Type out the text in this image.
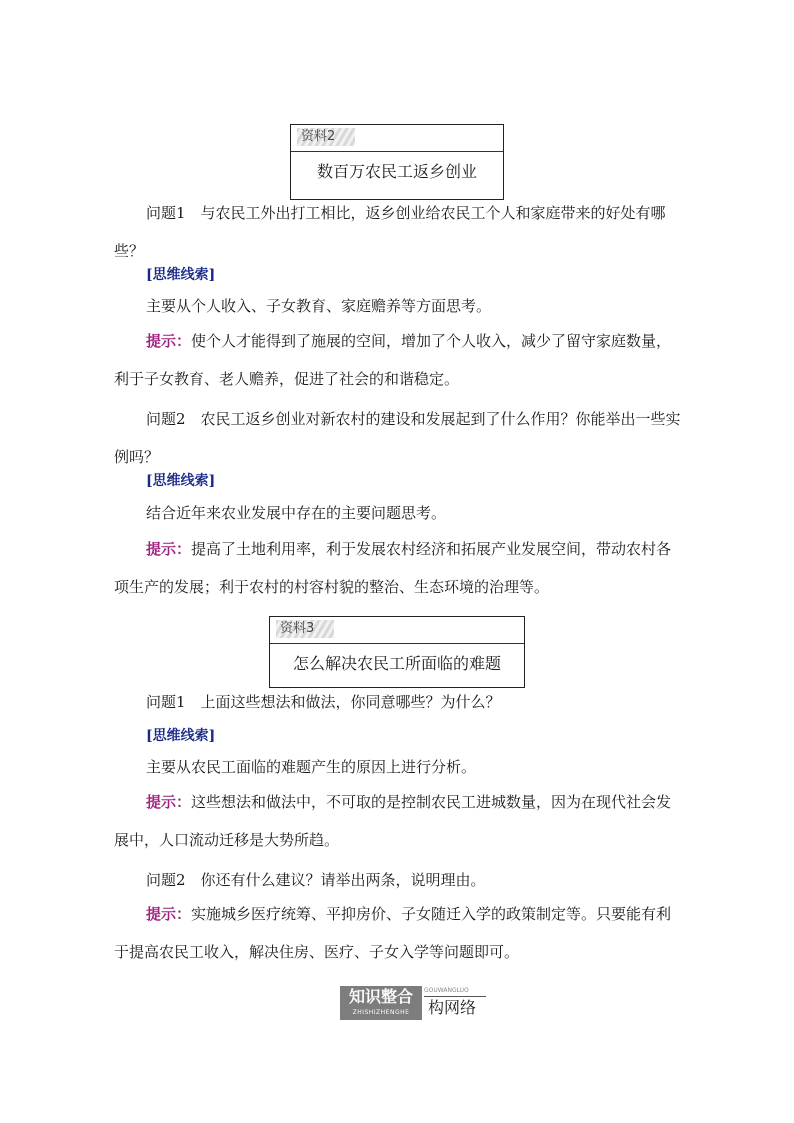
资料2
数百万农民工返乡创业
问题1　与农民工外出打工相比，返乡创业给农民工个人和家庭带来的好处有哪些？
[思维线索]
主要从个人收入、子女教育、家庭赡养等方面思考。
提示：使个人才能得到了施展的空间，增加了个人收入，减少了留守家庭数量，利于子女教育、老人赡养，促进了社会的和谐稳定。
问题2　农民工返乡创业对新农村的建设和发展起到了什么作用？你能举出一些实例吗？
[思维线索]
结合近年来农业发展中存在的主要问题思考。
提示：提高了土地利用率，利于发展农村经济和拓展产业发展空间，带动农村各项生产的发展；利于农村的村容村貌的整治、生态环境的治理等。
资料3
怎么解决农民工所面临的难题
问题1　上面这些想法和做法，你同意哪些？为什么？
[思维线索]
主要从农民工面临的难题产生的原因上进行分析。
提示：这些想法和做法中，不可取的是控制农民工进城数量，因为在现代社会发展中，人口流动迁移是大势所趋。
问题2　你还有什么建议？请举出两条，说明理由。
提示：实施城乡医疗统筹、平抑房价、子女随迁入学的政策制定等。只要能有利于提高农民工收入，解决住房、医疗、子女入学等问题即可。
知识整合
ZHISHIZHENGHE
GOUWANGLUO
构网络
